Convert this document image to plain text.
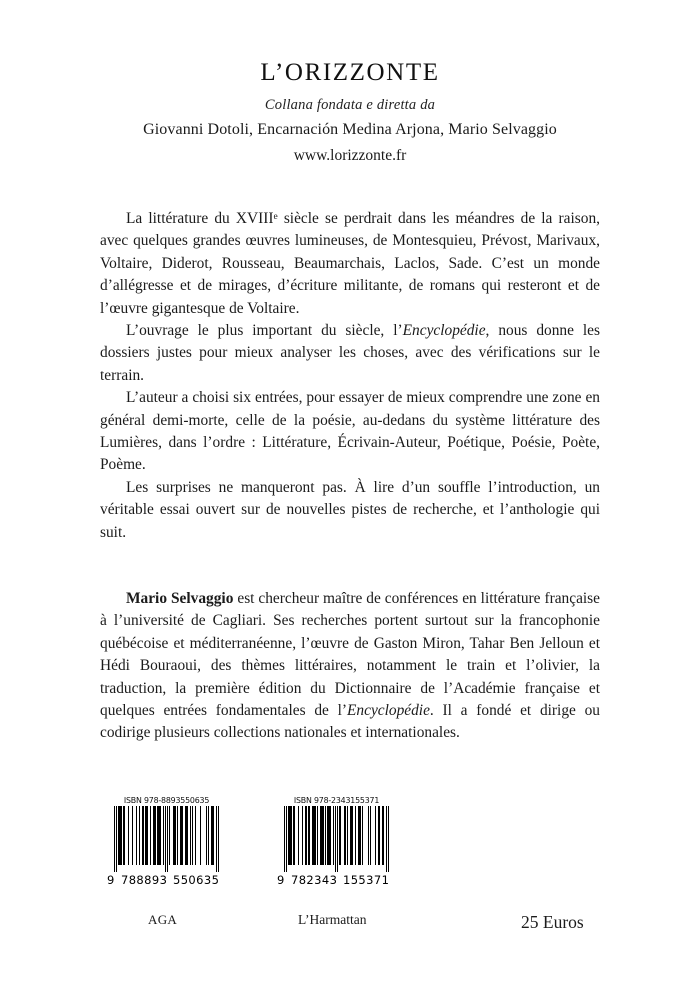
L’ORIZZONTE
Collana fondata e diretta da
Giovanni Dotoli, Encarnación Medina Arjona, Mario Selvaggio
www.lorizzonte.fr

La littérature du XVIIIe siècle se perdrait dans les méandres de la raison, avec quelques grandes œuvres lumineuses, de Montesquieu, Prévost, Marivaux, Voltaire, Diderot, Rousseau, Beaumarchais, Laclos, Sade. C’est un monde d’allégresse et de mirages, d’écriture militante, de romans qui resteront et de l’œuvre gigantesque de Voltaire.

L’ouvrage le plus important du siècle, l’Encyclopédie, nous donne les dossiers justes pour mieux analyser les choses, avec des vérifications sur le terrain.

L’auteur a choisi six entrées, pour essayer de mieux comprendre une zone en général demi-morte, celle de la poésie, au-dedans du système littérature des Lumières, dans l’ordre : Littérature, Écrivain-Auteur, Poétique, Poésie, Poète, Poème.

Les surprises ne manqueront pas. À lire d’un souffle l’introduction, un véritable essai ouvert sur de nouvelles pistes de recherche, et l’anthologie qui suit.

Mario Selvaggio est chercheur maître de conférences en littérature française à l’université de Cagliari. Ses recherches portent surtout sur la francophonie québécoise et méditerranéenne, l’œuvre de Gaston Miron, Tahar Ben Jelloun et Hédi Bouraoui, des thèmes littéraires, notamment le train et l’olivier, la traduction, la première édition du Dictionnaire de l’Académie française et quelques entrées fondamentales de l’Encyclopédie. Il a fondé et dirige ou codirige plusieurs collections nationales et internationales.

ISBN 978-8893550635
9 788893 550635
ISBN 978-2343155371
9 782343 155371
AGA	L’Harmattan	25 Euros
